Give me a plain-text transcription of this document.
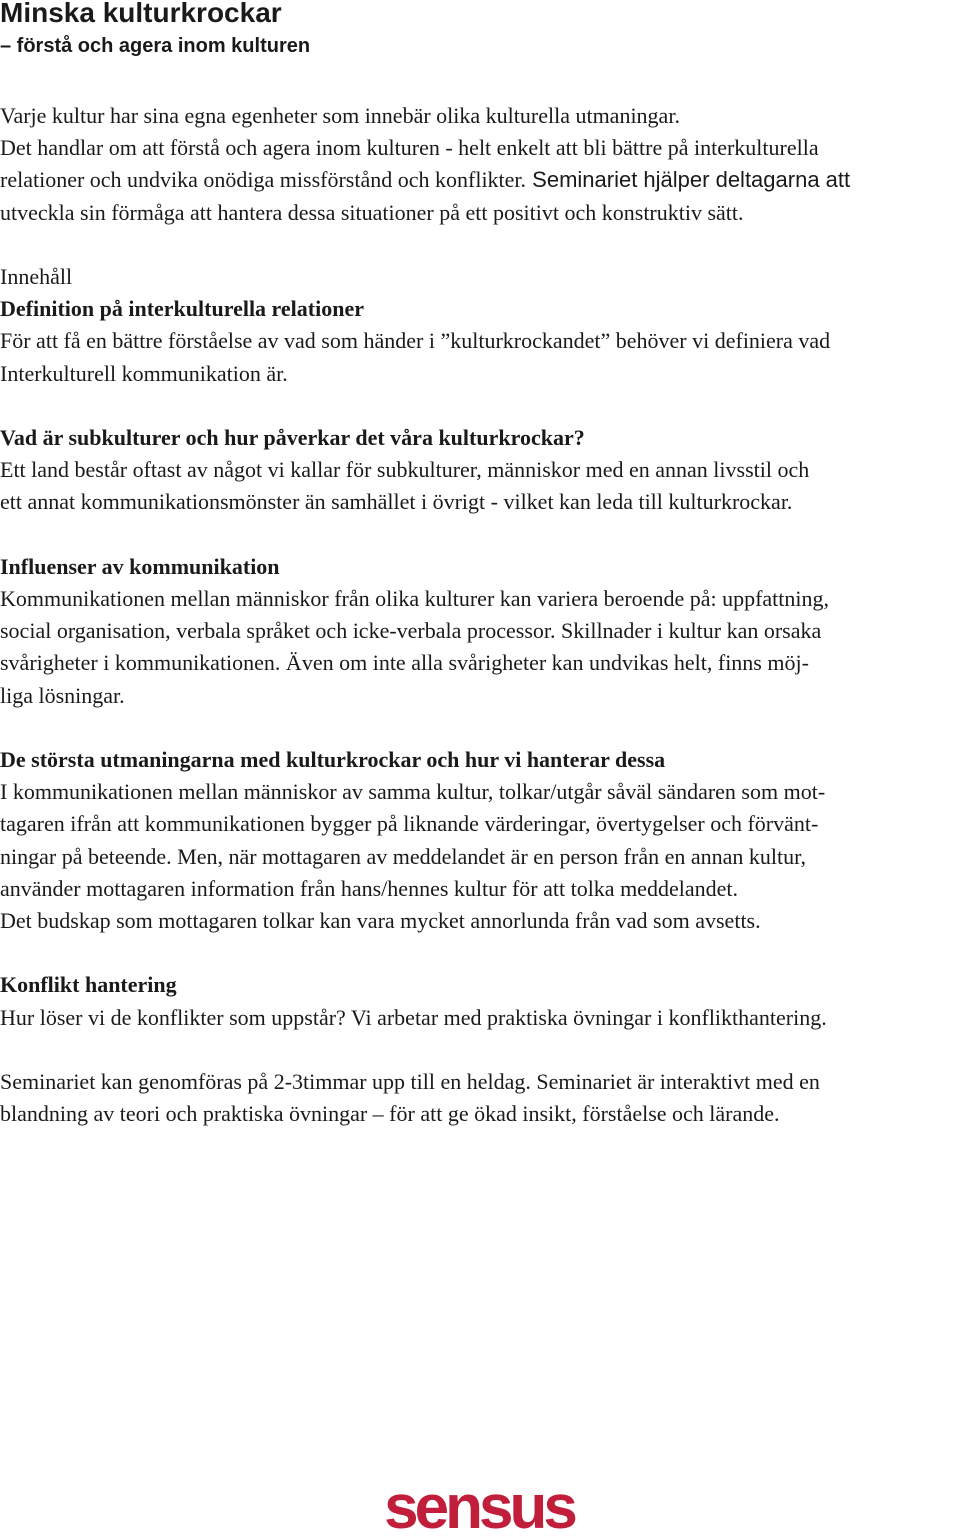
Minska kulturkrockar
– förstå och agera inom kulturen

Varje kultur har sina egna egenheter som innebär olika kulturella utmaningar.
Det handlar om att förstå och agera inom kulturen - helt enkelt att bli bättre på interkulturella
relationer och undvika onödiga missförstånd och konflikter. Seminariet hjälper deltagarna att
utveckla sin förmåga att hantera dessa situationer på ett positivt och konstruktiv sätt.

Innehåll

Definition på interkulturella relationer

För att få en bättre förståelse av vad som händer i ”kulturkrockandet” behöver vi definiera vad
Interkulturell kommunikation är.

Vad är subkulturer och hur påverkar det våra kulturkrockar?

Ett land består oftast av något vi kallar för subkulturer, människor med en annan livsstil och
ett annat kommunikationsmönster än samhället i övrigt - vilket kan leda till kulturkrockar.

Influenser av kommunikation

Kommunikationen mellan människor från olika kulturer kan variera beroende på: uppfattning,
social organisation, verbala språket och icke-verbala processor. Skillnader i kultur kan orsaka
svårigheter i kommunikationen. Även om inte alla svårigheter kan undvikas helt, finns möj-
liga lösningar.

De största utmaningarna med kulturkrockar och hur vi hanterar dessa

I kommunikationen mellan människor av samma kultur, tolkar/utgår såväl sändaren som mot-
tagaren ifrån att kommunikationen bygger på liknande värderingar, övertygelser och förvänt-
ningar på beteende. Men, när mottagaren av meddelandet är en person från en annan kultur,
använder mottagaren information från hans/hennes kultur för att tolka meddelandet.
Det budskap som mottagaren tolkar kan vara mycket annorlunda från vad som avsetts.

Konflikt hantering

Hur löser vi de konflikter som uppstår? Vi arbetar med praktiska övningar i konflikthantering.

Seminariet kan genomföras på 2-3timmar upp till en heldag. Seminariet är interaktivt med en
blandning av teori och praktiska övningar – för att ge ökad insikt, förståelse och lärande.

sensus
